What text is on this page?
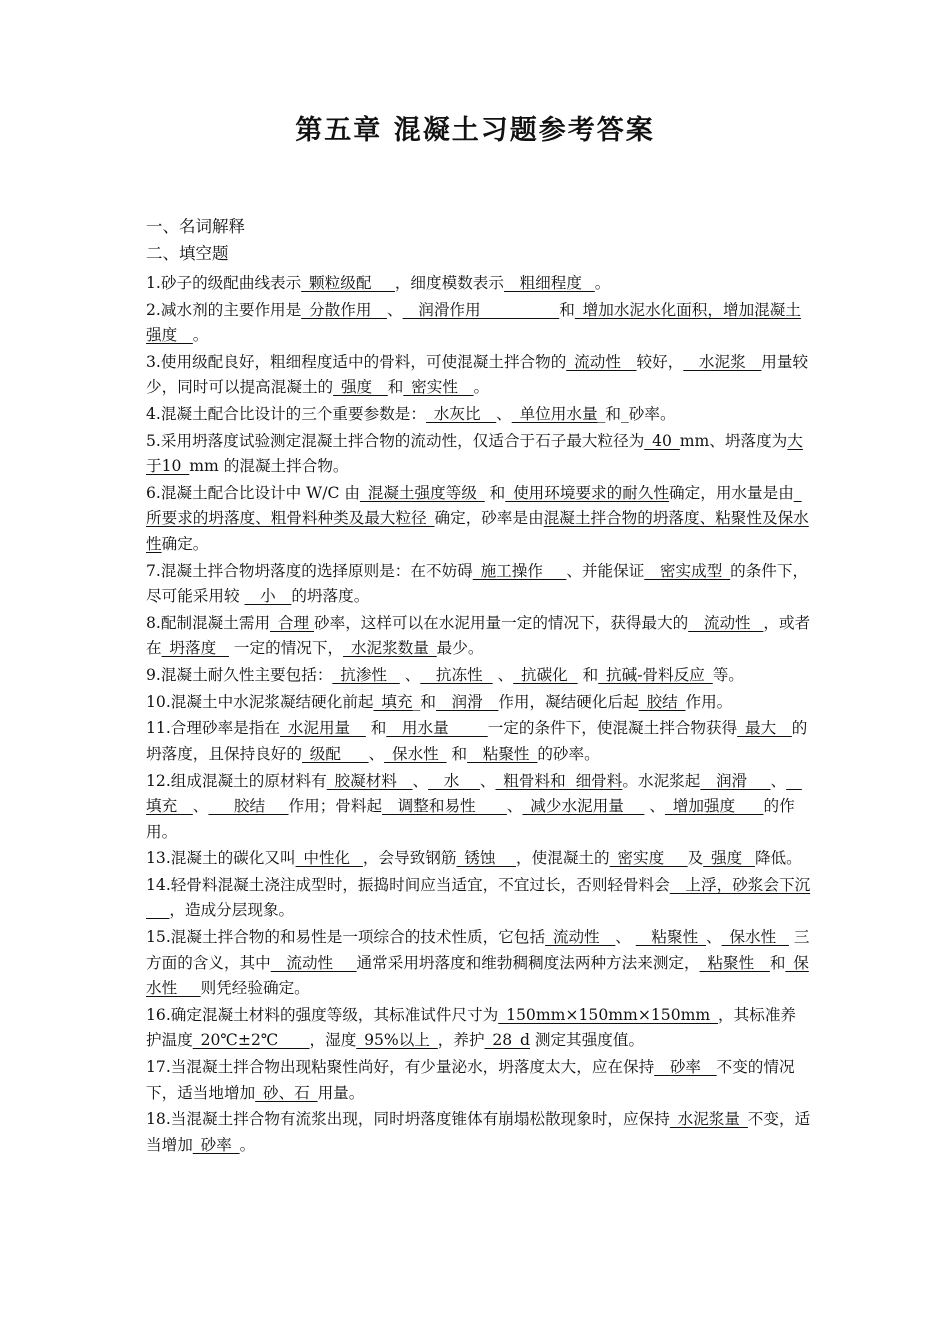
第五章 混凝土习题参考答案

一、名词解释

二、填空题

1.砂子的级配曲线表示_颗粒级配___，细度模数表示__粗细程度_ 。

2.减水剂的主要作用是_分散作用__、__润滑作用_        ____和_增加水泥水化面积，增加混凝土强度__。

3.使用级配良好，粗细程度适中的骨料，可使混凝土拌合物的_流动性__较好，__水泥浆__用量较少，同时可以提高混凝土的_强度__和_密实性__。

4.混凝土配合比设计的三个重要参数是：_水灰比__、_单位用水量_和_砂率。

5.采用坍落度试验测定混凝土拌合物的流动性，仅适合于石子最大粒径为_40_mm、坍落度为大于10_mm 的混凝土拌合物。

6.混凝土配合比设计中 W/C 由_混凝土强度等级_ 和_使用环境要求的耐久性确定，用水量是由_所要求的坍落度、粗骨料种类及最大粒径_确定，砂率是由混凝土拌合物的坍落度、粘聚性及保水性确定。

7.混凝土拌合物坍落度的选择原则是：在不妨碍_施工操作___、并能保证__密实成型_的条件下，尽可能采用较 __小__的坍落度。

8.配制混凝土需用_合理 砂率，这样可以在水泥用量一定的情况下，获得最大的__流动性_ ，或者在_坍落度_  一定的情况下，_水泥浆数量_最少。

9.混凝土耐久性主要包括：_抗渗性_  、__抗冻性   、_抗碳化   和_抗碱-骨料反应_等。

10.混凝土中水泥浆凝结硬化前起_填充_和__润滑__作用，凝结硬化后起_胶结_作用。

11.合理砂率是指在_水泥用量__ 和__用水量_____一定的条件下，使混凝土拌合物获得_最大__的坍落度，且保持良好的_级配  _  、_保水性_ 和__粘聚性_的砂率。

12.组成混凝土的原材料有_胶凝材料__、__水__ 、_粗骨料和  细骨料。水泥浆起__润滑___、__填充__、  __胶结___作用；骨料起__调整和易性____、_减少水泥用量__  、_增加强度___ 的作用。

13.混凝土的碳化又叫_中性化_ ，会导致钢筋_锈蚀__ ，使混凝土的_密实度___及_强度_ 降低。

14.轻骨料混凝土浇注成型时，振捣时间应当适宜，不宜过长，否则轻骨料会__上浮，砂浆会下沉___，造成分层现象。

15.混凝土拌合物的和易性是一项综合的技术性质，它包括_流动性__、 __粘聚性_、_保水性_  三方面的含义，其中__流动性___通常采用坍落度和维勃稠稠度法两种方法来测定，_粘聚性__和_保水性___则凭经验确定。

16.确定混凝土材料的强度等级，其标准试件尺寸为_150mm×150mm×150mm_，其标准养护温度_20℃±2℃____，湿度_95%以上_，养护_28_d 测定其强度值。

17.当混凝土拌合物出现粘聚性尚好，有少量泌水，坍落度太大，应在保持__砂率__不变的情况下，适当地增加_砂、石_用量。

18.当混凝土拌合物有流浆出现，同时坍落度锥体有崩塌松散现象时，应保持_水泥浆量_不变，适当增加_砂率_。
